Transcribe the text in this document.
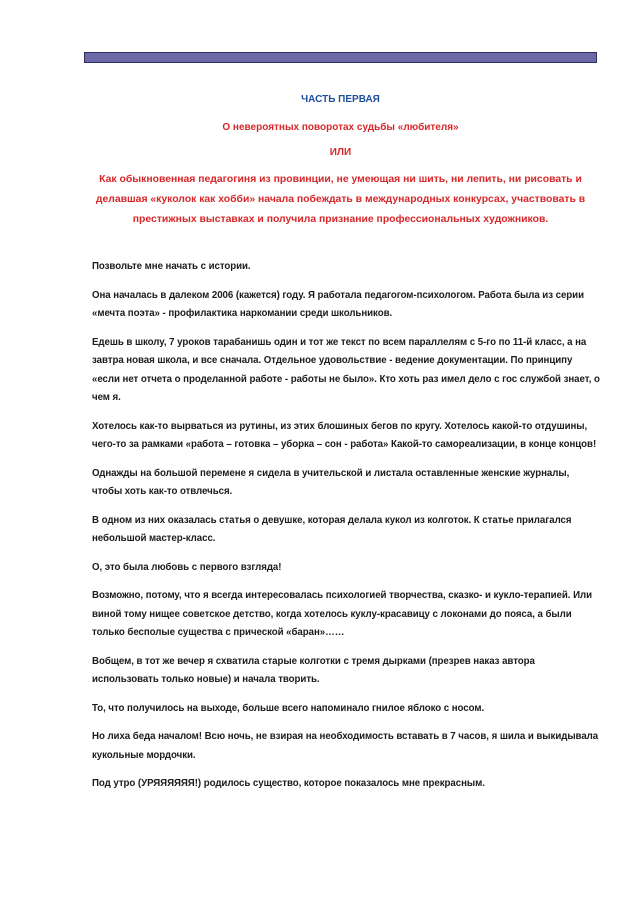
ЧАСТЬ ПЕРВАЯ
О невероятных поворотах судьбы «любителя»
ИЛИ
Как обыкновенная педагогиня из провинции, не умеющая ни шить, ни лепить, ни рисовать и делавшая «куколок как хобби» начала побеждать в международных конкурсах, участвовать в престижных выставках и получила признание профессиональных художников.

Позвольте мне начать с истории.

Она началась в далеком 2006 (кажется) году. Я работала педагогом-психологом. Работа была из серии «мечта поэта» - профилактика наркомании среди школьников.

Едешь в школу, 7 уроков тарабанишь один и тот же текст по всем параллелям с 5-го по 11-й класс, а на завтра новая школа, и все сначала. Отдельное удовольствие - ведение документации. По принципу «если нет отчета о проделанной работе - работы не было». Кто хоть раз имел дело с гос службой знает, о чем я.

Хотелось как-то вырваться из рутины, из этих блошиных бегов по кругу. Хотелось какой-то отдушины, чего-то за рамками «работа – готовка – уборка – сон - работа» Какой-то самореализации, в конце концов!

Однажды на большой перемене я сидела в учительской и листала оставленные женские журналы, чтобы хоть как-то отвлечься.

В одном из них оказалась статья о девушке, которая делала кукол из колготок. К статье прилагался небольшой мастер-класс.

О, это была любовь с первого взгляда!

Возможно, потому, что я всегда интересовалась психологией творчества, сказко- и кукло-терапией. Или виной тому нищее советское детство, когда хотелось куклу-красавицу с локонами до пояса, а были только бесполые существа с прической «баран»……

Вобщем, в тот же вечер я схватила старые колготки с тремя дырками (презрев наказ автора использовать только новые) и начала творить.

То, что получилось на выходе, больше всего напоминало гнилое яблоко с носом.

Но лиха беда началом! Всю ночь, не взирая на необходимость вставать в 7 часов, я шила и выкидывала кукольные мордочки.

Под утро (УРЯЯЯЯЯЯ!) родилось существо, которое показалось мне прекрасным.
